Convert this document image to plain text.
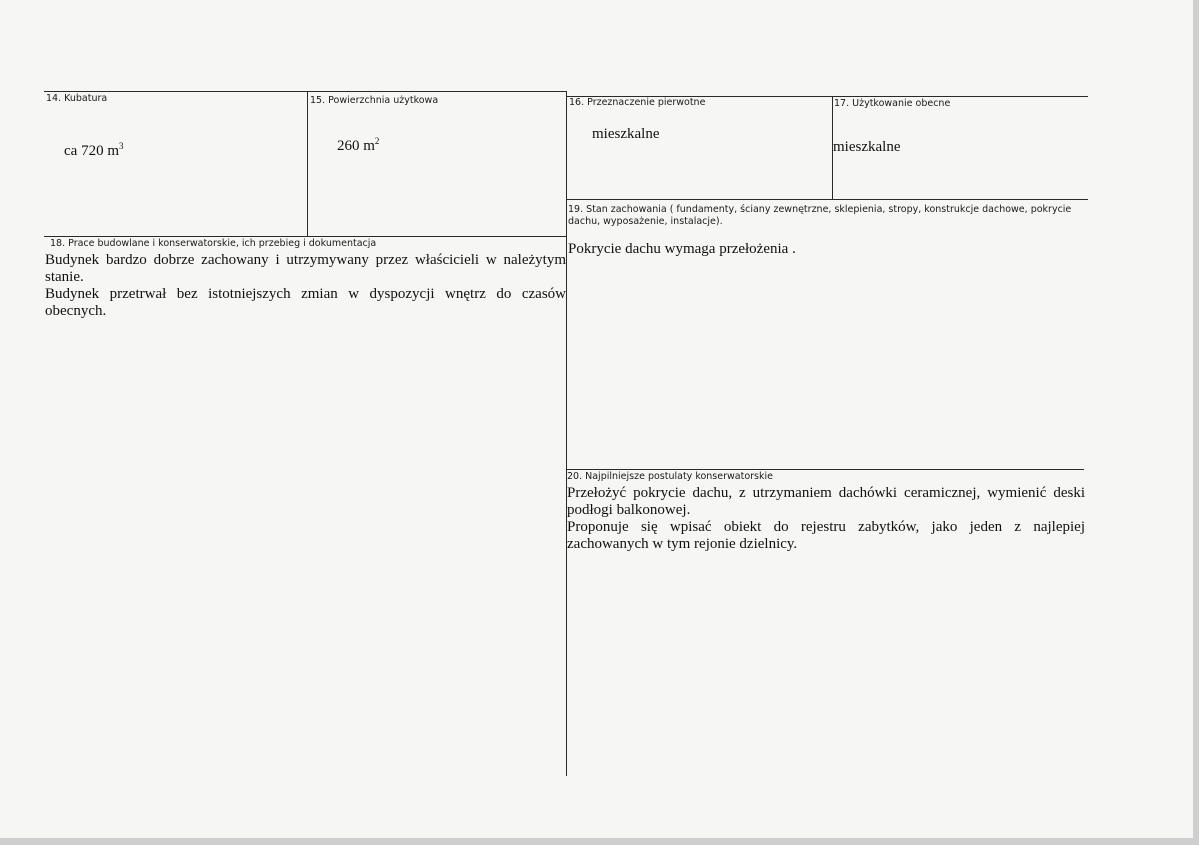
14. Kubatura
ca 720 $m^3$
15. Powierzchnia użytkowa
260 $m^2$
16. Przeznaczenie pierwotne
mieszkalne
17. Użytkowanie obecne
mieszkalne
19. Stan zachowania ( fundamenty, ściany zewnętrzne, sklepienia, stropy, konstrukcje dachowe, pokrycie dachu, wyposażenie, instalacje).
Pokrycie dachu wymaga przełożenia .
18. Prace budowlane i konserwatorskie, ich przebieg i dokumentacja

Budynek bardzo dobrze zachowany i utrzymywany przez właścicieli w należytym stanie.

Budynek przetrwał bez istotniejszych zmian w dyspozycji wnętrz do czasów obecnych.

20. Najpilniejsze postulaty konserwatorskie

Przełożyć pokrycie dachu, z utrzymaniem dachówki ceramicznej, wymienić deski podłogi balkonowej.

Proponuje się wpisać obiekt do rejestru zabytków, jako jeden z najlepiej zachowanych w tym rejonie dzielnicy.
